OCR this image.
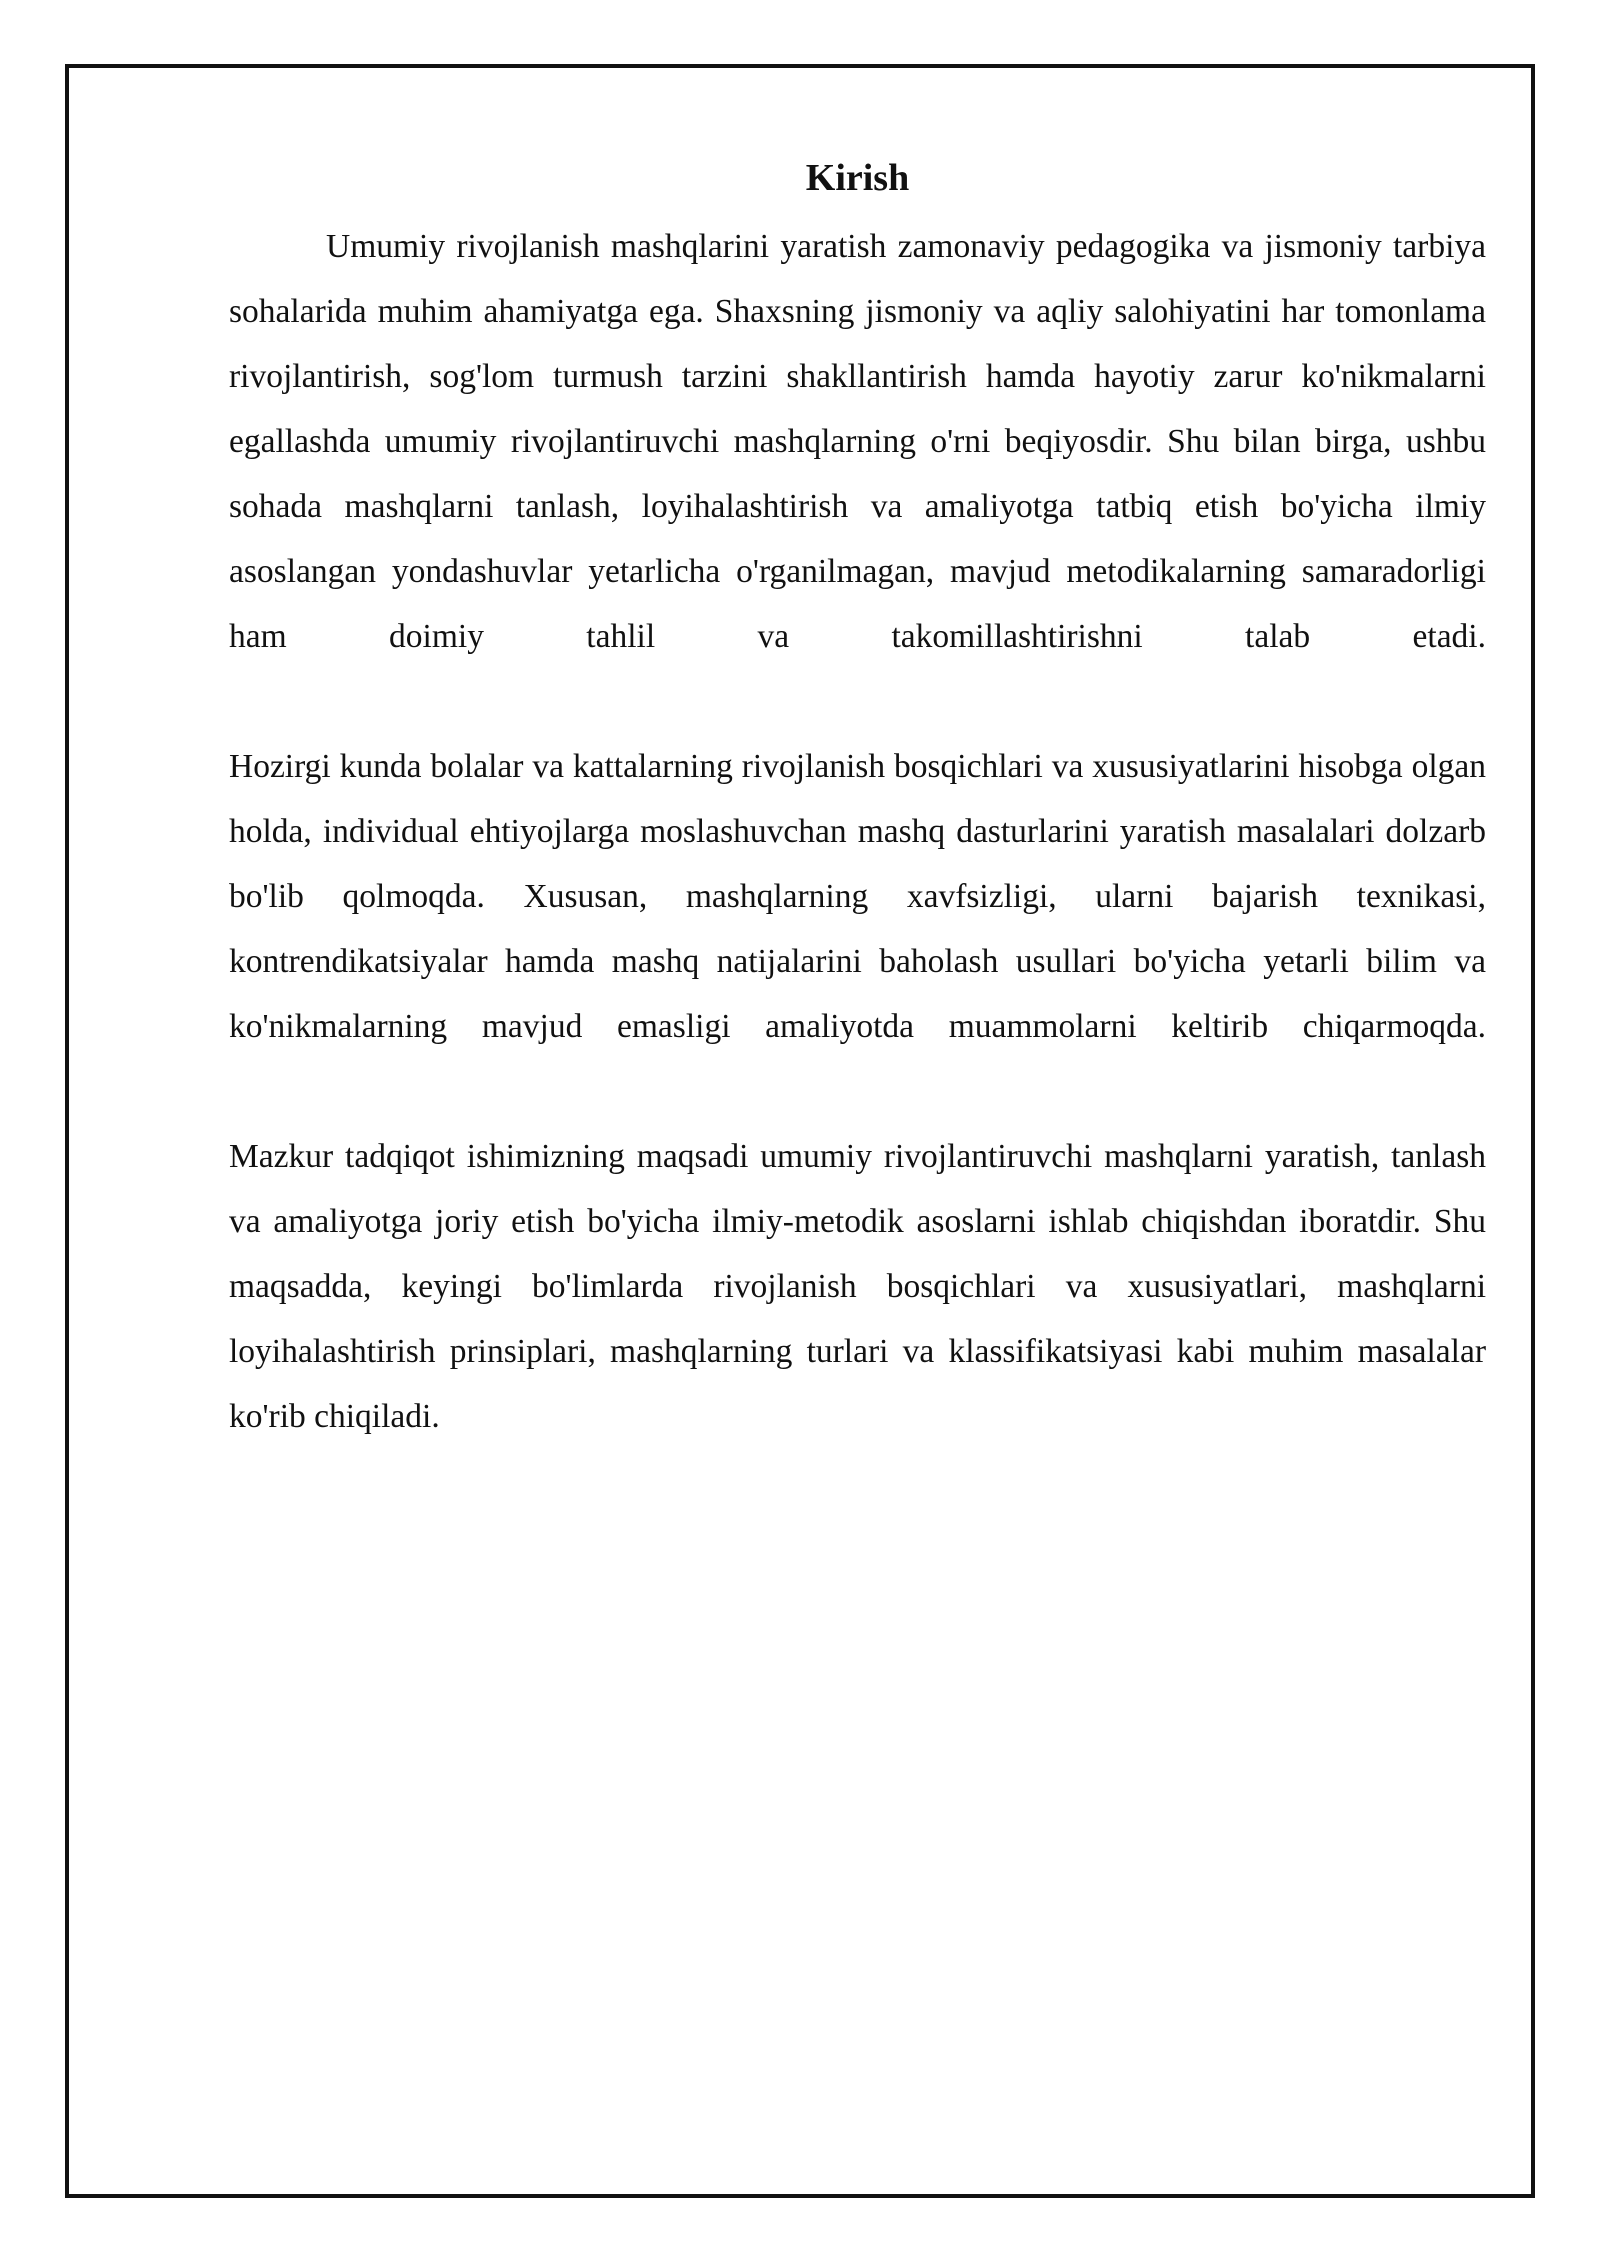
Kirish

Umumiy rivojlanish mashqlarini yaratish zamonaviy pedagogika va jismoniy tarbiya sohalarida muhim ahamiyatga ega. Shaxsning jismoniy va aqliy salohiyatini har tomonlama rivojlantirish, sog'lom turmush tarzini shakllantirish hamda hayotiy zarur ko'nikmalarni egallashda umumiy rivojlantiruvchi mashqlarning o'rni beqiyosdir. Shu bilan birga, ushbu sohada mashqlarni tanlash, loyihalashtirish va amaliyotga tatbiq etish bo'yicha ilmiy asoslangan yondashuvlar yetarlicha o'rganilmagan, mavjud metodikalarning samaradorligi ham doimiy tahlil va takomillashtirishni talab etadi.

Hozirgi kunda bolalar va kattalarning rivojlanish bosqichlari va xususiyatlarini hisobga olgan holda, individual ehtiyojlarga moslashuvchan mashq dasturlarini yaratish masalalari dolzarb bo'lib qolmoqda. Xususan, mashqlarning xavfsizligi, ularni bajarish texnikasi, kontrendikatsiyalar hamda mashq natijalarini baholash usullari bo'yicha yetarli bilim va ko'nikmalarning mavjud emasligi amaliyotda muammolarni keltirib chiqarmoqda.

Mazkur tadqiqot ishimizning maqsadi umumiy rivojlantiruvchi mashqlarni yaratish, tanlash va amaliyotga joriy etish bo'yicha ilmiy-metodik asoslarni ishlab chiqishdan iboratdir. Shu maqsadda, keyingi bo'limlarda rivojlanish bosqichlari va xususiyatlari, mashqlarni loyihalashtirish prinsiplari, mashqlarning turlari va klassifikatsiyasi kabi muhim masalalar ko'rib chiqiladi.
